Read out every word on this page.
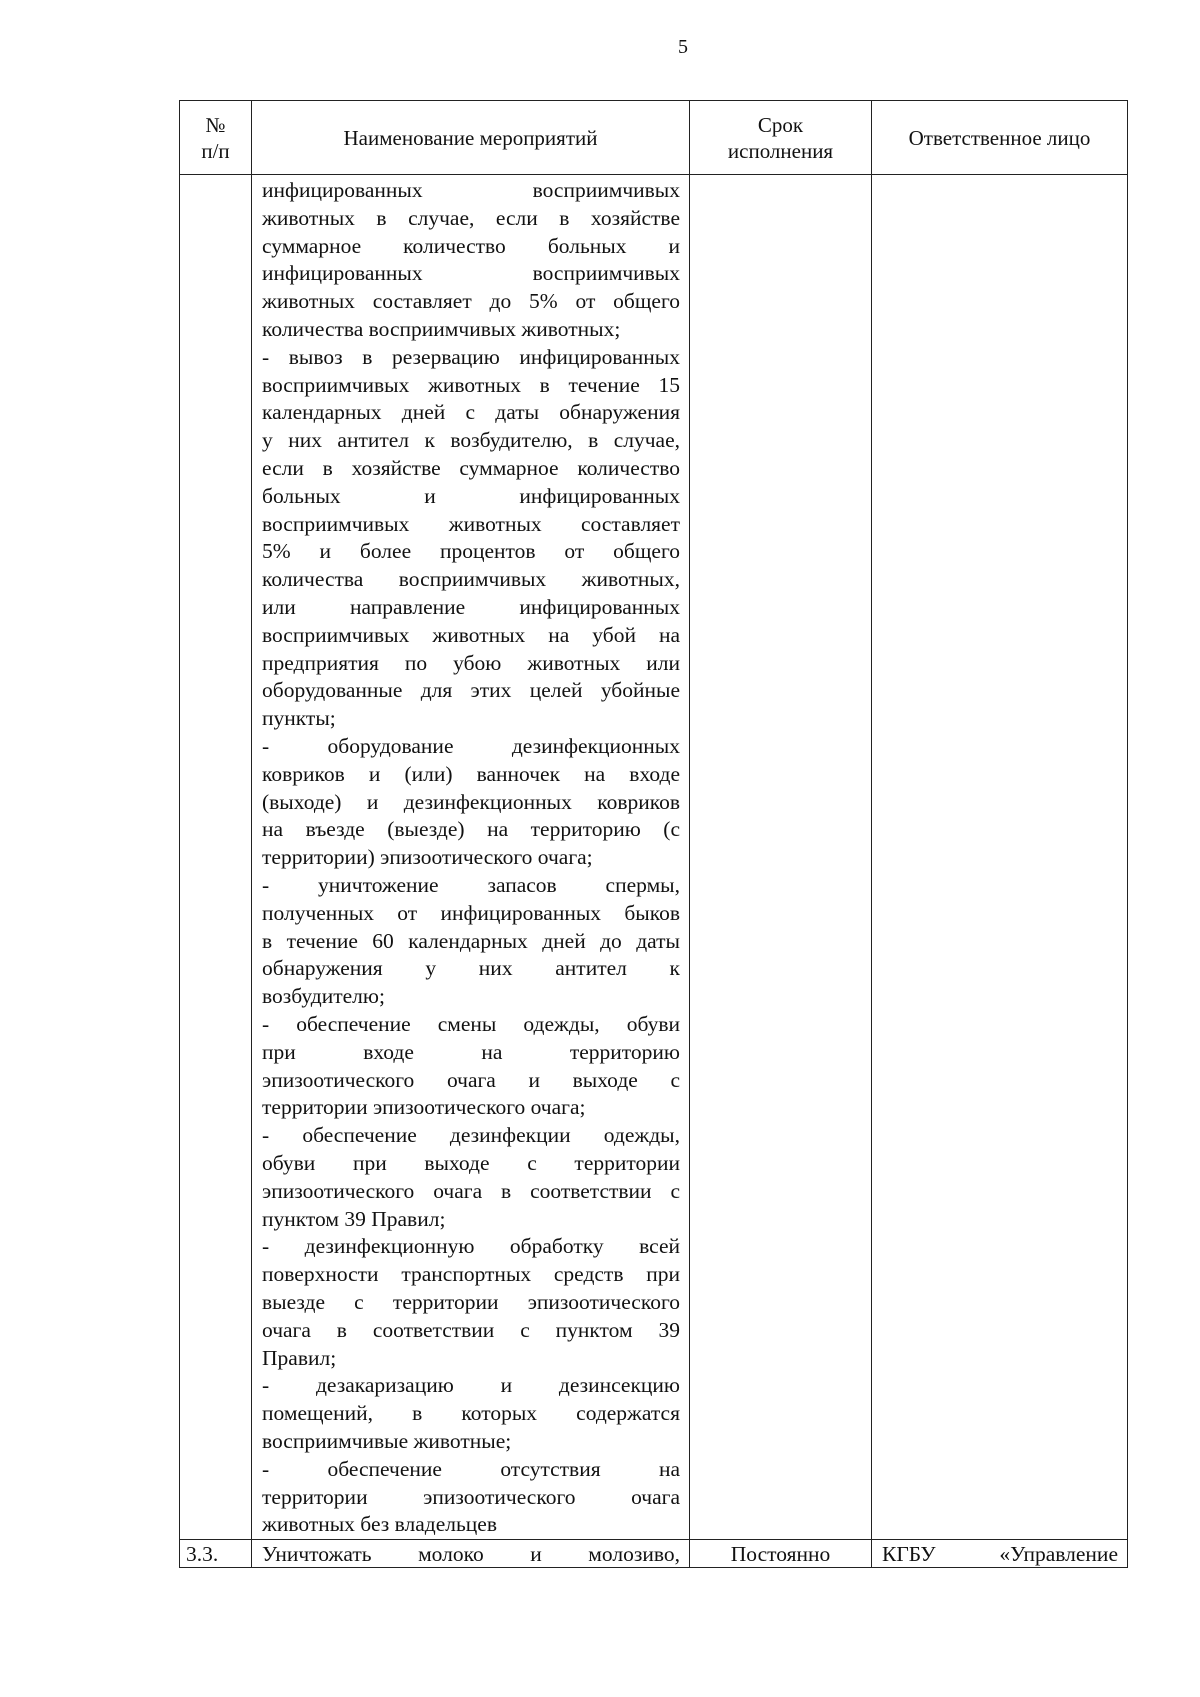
5
№
п/п
Наименование мероприятий
Срок
исполнения
Ответственное лицо
инфицированных восприимчивых
животных в случае, если в хозяйстве
суммарное количество больных и
инфицированных восприимчивых
животных составляет до 5% от общего
количества восприимчивых животных;
- вывоз в резервацию инфицированных
восприимчивых животных в течение 15
календарных дней с даты обнаружения
у них антител к возбудителю, в случае,
если в хозяйстве суммарное количество
больных и инфицированных
восприимчивых животных составляет
5% и более процентов от общего
количества восприимчивых животных,
или направление инфицированных
восприимчивых животных на убой на
предприятия по убою животных или
оборудованные для этих целей убойные
пункты;
- оборудование дезинфекционных
ковриков и (или) ванночек на входе
(выходе) и дезинфекционных ковриков
на въезде (выезде) на территорию (с
территории) эпизоотического очага;
- уничтожение запасов спермы,
полученных от инфицированных быков
в течение 60 календарных дней до даты
обнаружения у них антител к
возбудителю;
- обеспечение смены одежды, обуви
при входе на территорию
эпизоотического очага и выходе с
территории эпизоотического очага;
- обеспечение дезинфекции одежды,
обуви при выходе с территории
эпизоотического очага в соответствии с
пунктом 39 Правил;
- дезинфекционную обработку всей
поверхности транспортных средств при
выезде с территории эпизоотического
очага в соответствии с пунктом 39
Правил;
- дезакаризацию и дезинсекцию
помещений, в которых содержатся
восприимчивые животные;
- обеспечение отсутствия на
территории эпизоотического очага
животных без владельцев
3.3. Уничтожать молоко и молозиво,	Постоянно	КГБУ «Управление
